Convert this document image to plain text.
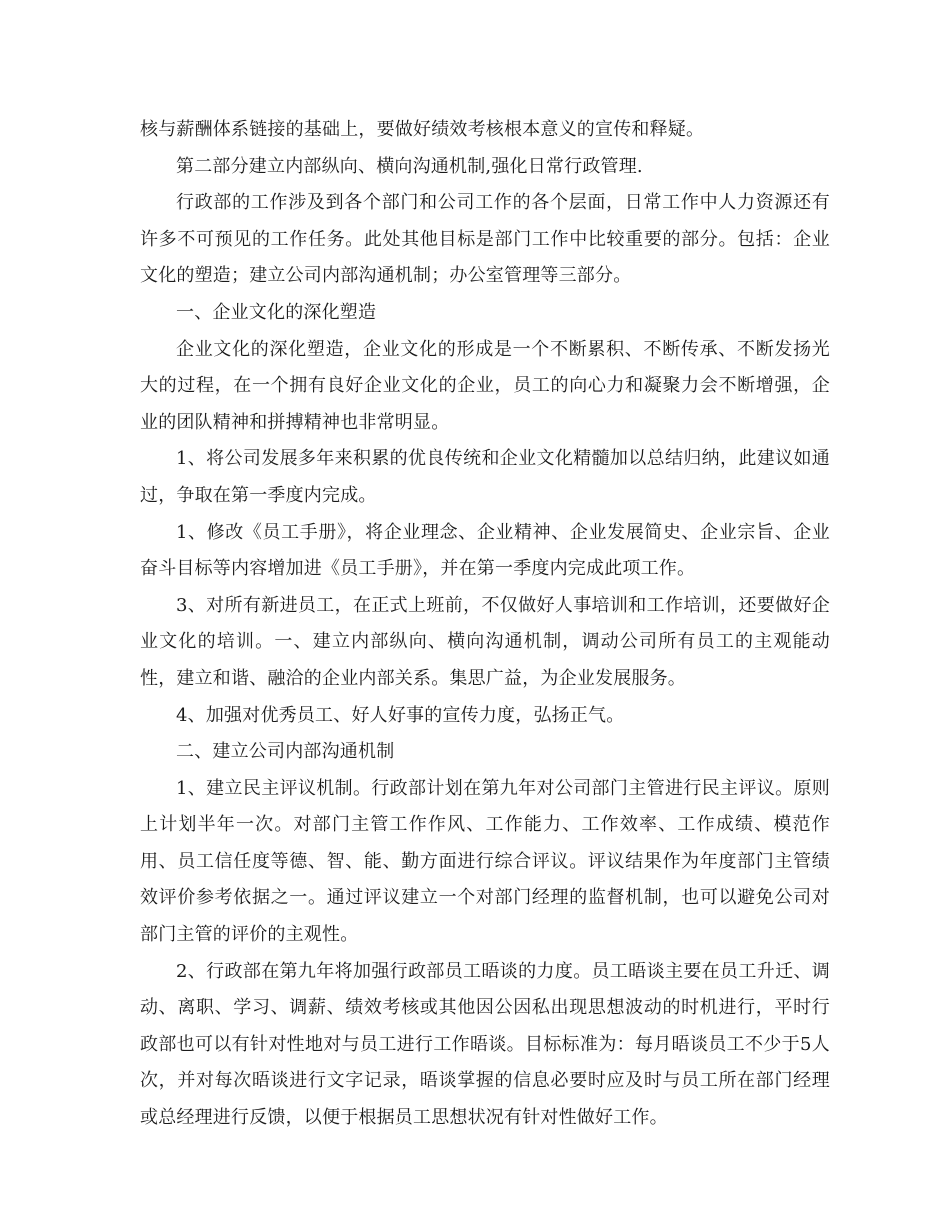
核与薪酬体系链接的基础上，要做好绩效考核根本意义的宣传和释疑。

第二部分建立内部纵向、横向沟通机制,强化日常行政管理.

行政部的工作涉及到各个部门和公司工作的各个层面，日常工作中人力资源还有许多不可预见的工作任务。此处其他目标是部门工作中比较重要的部分。包括：企业文化的塑造；建立公司内部沟通机制；办公室管理等三部分。

一、企业文化的深化塑造

企业文化的深化塑造，企业文化的形成是一个不断累积、不断传承、不断发扬光大的过程，在一个拥有良好企业文化的企业，员工的向心力和凝聚力会不断增强，企业的团队精神和拼搏精神也非常明显。

1、将公司发展多年来积累的优良传统和企业文化精髓加以总结归纳，此建议如通过，争取在第一季度内完成。

1、修改《员工手册》，将企业理念、企业精神、企业发展简史、企业宗旨、企业奋斗目标等内容增加进《员工手册》，并在第一季度内完成此项工作。

3、对所有新进员工，在正式上班前，不仅做好人事培训和工作培训，还要做好企业文化的培训。一、建立内部纵向、横向沟通机制，调动公司所有员工的主观能动性，建立和谐、融洽的企业内部关系。集思广益，为企业发展服务。

4、加强对优秀员工、好人好事的宣传力度，弘扬正气。

二、建立公司内部沟通机制

1、建立民主评议机制。行政部计划在第九年对公司部门主管进行民主评议。原则上计划半年一次。对部门主管工作作风、工作能力、工作效率、工作成绩、模范作用、员工信任度等德、智、能、勤方面进行综合评议。评议结果作为年度部门主管绩效评价参考依据之一。通过评议建立一个对部门经理的监督机制，也可以避免公司对部门主管的评价的主观性。

2、行政部在第九年将加强行政部员工晤谈的力度。员工晤谈主要在员工升迁、调动、离职、学习、调薪、绩效考核或其他因公因私出现思想波动的时机进行，平时行政部也可以有针对性地对与员工进行工作晤谈。目标标准为：每月晤谈员工不少于5人次，并对每次晤谈进行文字记录，晤谈掌握的信息必要时应及时与员工所在部门经理或总经理进行反馈，以便于根据员工思想状况有针对性做好工作。
